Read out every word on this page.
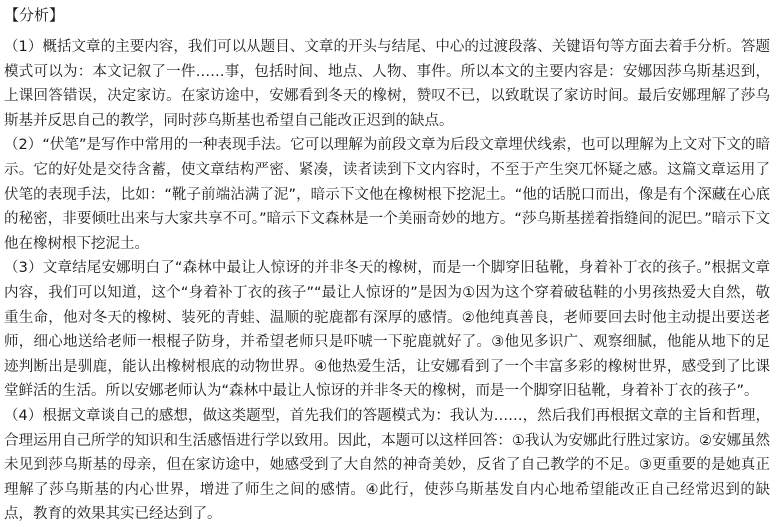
【分析】

（1）概括文章的主要内容，我们可以从题目、文章的开头与结尾、中心的过渡段落、关键语句等方面去着手分析。答题模式可以为：本文记叙了一件……事，包括时间、地点、人物、事件。所以本文的主要内容是：安娜因莎乌斯基迟到，上课回答错误，决定家访。在家访途中，安娜看到冬天的橡树，赞叹不已，以致耽误了家访时间。最后安娜理解了莎乌斯基并反思自己的教学，同时莎乌斯基也希望自己能改正迟到的缺点。

（2）“伏笔”是写作中常用的一种表现手法。它可以理解为前段文章为后段文章埋伏线索，也可以理解为上文对下文的暗示。它的好处是交待含蓄，使文章结构严密、紧凑，读者读到下文内容时，不至于产生突兀怀疑之感。这篇文章运用了伏笔的表现手法，比如：“靴子前端沾满了泥”，暗示下文他在橡树根下挖泥土。“他的话脱口而出，像是有个深藏在心底的秘密，非要倾吐出来与大家共享不可。”暗示下文森林是一个美丽奇妙的地方。“莎乌斯基搓着指缝间的泥巴。”暗示下文他在橡树根下挖泥土。

（3）文章结尾安娜明白了“森林中最让人惊讶的并非冬天的橡树，而是一个脚穿旧毡靴，身着补丁衣的孩子。”根据文章内容，我们可以知道，这个“身着补丁衣的孩子”“最让人惊讶的”是因为①因为这个穿着破毡鞋的小男孩热爱大自然，敬重生命，他对冬天的橡树、装死的青蛙、温顺的驼鹿都有深厚的感情。②他纯真善良，老师要回去时他主动提出要送老师，细心地送给老师一根棍子防身，并希望老师只是吓唬一下驼鹿就好了。③他见多识广、观察细腻，他能从地下的足迹判断出是驯鹿，能认出橡树根底的动物世界。④他热爱生活，让安娜看到了一个丰富多彩的橡树世界，感受到了比课堂鲜活的生活。所以安娜老师认为“森林中最让人惊讶的并非冬天的橡树，而是一个脚穿旧毡靴，身着补丁衣的孩子”。

（4）根据文章谈自己的感想，做这类题型，首先我们的答题模式为：我认为……，然后我们再根据文章的主旨和哲理，合理运用自己所学的知识和生活感悟进行学以致用。因此，本题可以这样回答：①我认为安娜此行胜过家访。②安娜虽然未见到莎乌斯基的母亲，但在家访途中，她感受到了大自然的神奇美妙，反省了自己教学的不足。③更重要的是她真正理解了莎乌斯基的内心世界，增进了师生之间的感情。④此行，使莎乌斯基发自内心地希望能改正自己经常迟到的缺点，教育的效果其实已经达到了。
